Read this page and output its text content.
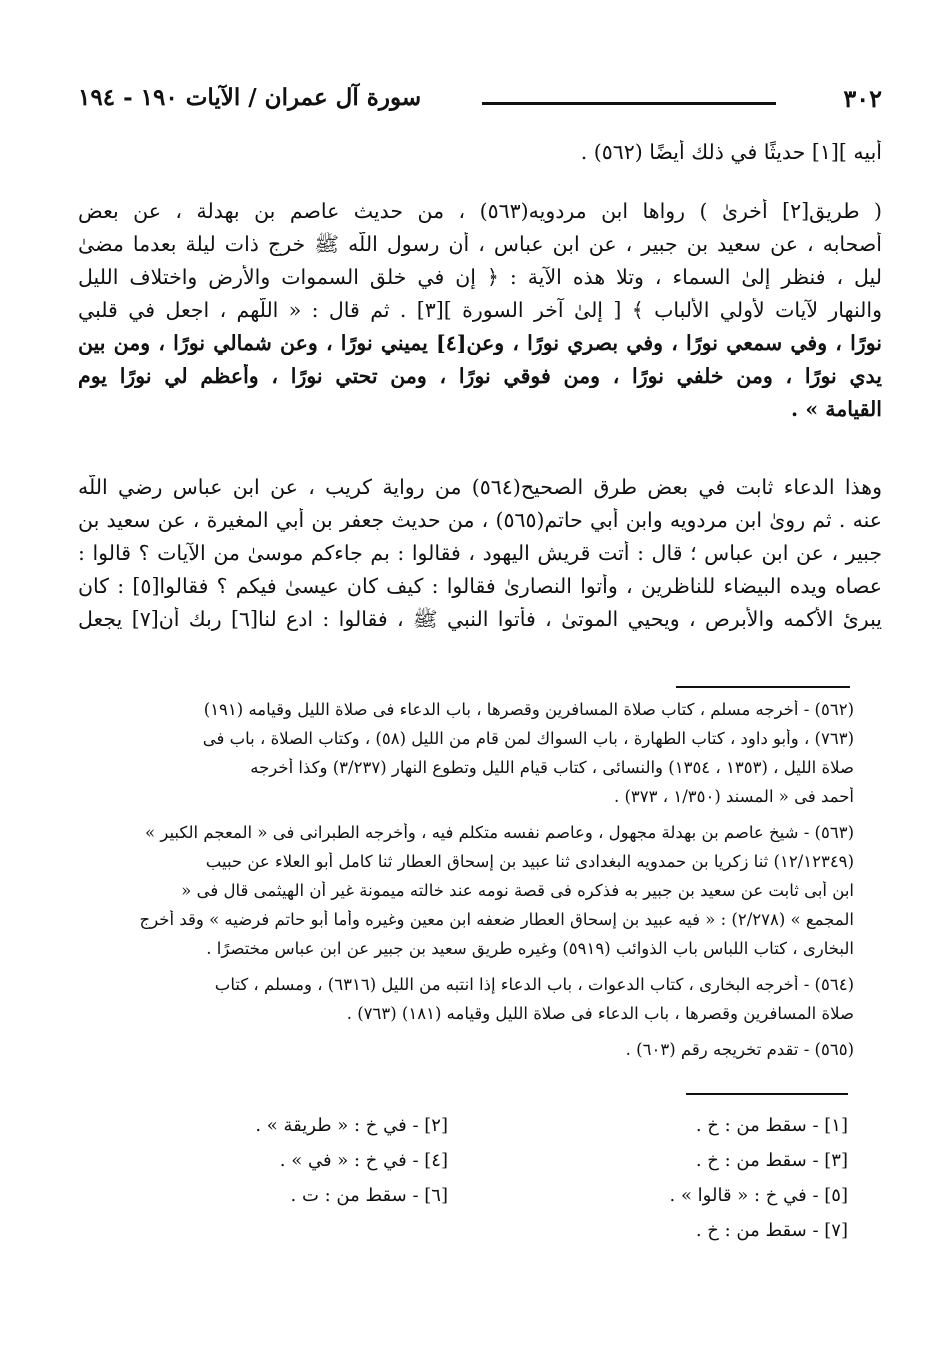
٣٠٢
سورة آل عمران / الآيات ١٩٠ - ١٩٤
أبيه ][١] حديثًا في ذلك أيضًا (٥٦٢) .
( طريق[٢] أخرىٰ ) رواها ابن مردويه(٥٦٣) ، من حديث عاصم بن بهدلة ، عن بعض
أصحابه ، عن سعيد بن جبير ، عن ابن عباس ، أن رسول اللَّه ﷺ خرج ذات ليلة بعدما مضىٰ
ليل ، فنظر إلىٰ السماء ، وتلا هذه الآية : ﴿ إن في خلق السموات والأرض واختلاف الليل
والنهار لآيات لأولي الألباب ﴾ [ إلىٰ آخر السورة ][٣] . ثم قال : « اللَّهم ، اجعل في قلبي
نورًا ، وفي سمعي نورًا ، وفي بصري نورًا ، وعن[٤] يميني نورًا ، وعن شمالي نورًا ، ومن بين
يدي نورًا ، ومن خلفي نورًا ، ومن فوقي نورًا ، ومن تحتي نورًا ، وأعظم لي نورًا يوم
القيامة » .
وهذا الدعاء ثابت في بعض طرق الصحيح(٥٦٤) من رواية كريب ، عن ابن عباس رضي اللَّه
عنه . ثم روىٰ ابن مردويه وابن أبي حاتم(٥٦٥) ، من حديث جعفر بن أبي المغيرة ، عن سعيد بن
جبير ، عن ابن عباس ؛ قال : أتت قريش اليهود ، فقالوا : بم جاءكم موسىٰ من الآيات ؟ قالوا :
عصاه ويده البيضاء للناظرين ، وأتوا النصارىٰ فقالوا : كيف كان عيسىٰ فيكم ؟ فقالوا[٥] : كان
يبرئ الأكمه والأبرص ، ويحيي الموتىٰ ، فأتوا النبي ﷺ ، فقالوا : ادع لنا[٦] ربك أن[٧] يجعل
(٥٦٢) - أخرجه مسلم ، كتاب صلاة المسافرين وقصرها ، باب الدعاء فى صلاة الليل وقيامه (١٩١)
(٧٦٣) ، وأبو داود ، كتاب الطهارة ، باب السواك لمن قام من الليل (٥٨) ، وكتاب الصلاة ، باب فى
صلاة الليل ، (١٣٥٣ ، ١٣٥٤) والنسائى ، كتاب قيام الليل وتطوع النهار (٣/٢٣٧) وكذا أخرجه
أحمد فى « المسند (١/٣٥٠ ، ٣٧٣) .
(٥٦٣) - شيخ عاصم بن بهدلة مجهول ، وعاصم نفسه متكلم فيه ، وأخرجه الطبرانى فى « المعجم الكبير »
(١٢/١٢٣٤٩) ثنا زكريا بن حمدويه البغدادى ثنا عبيد بن إسحاق العطار ثنا كامل أبو العلاء عن حبيب
ابن أبى ثابت عن سعيد بن جبير به فذكره فى قصة نومه عند خالته ميمونة غير أن الهيثمى قال فى «
المجمع » (٢/٢٧٨) : « فيه عبيد بن إسحاق العطار ضعفه ابن معين وغيره وأما أبو حاتم فرضيه » وقد أخرج
البخارى ، كتاب اللباس باب الذوائب (٥٩١٩) وغيره طريق سعيد بن جبير عن ابن عباس مختصرًا .
(٥٦٤) - أخرجه البخارى ، كتاب الدعوات ، باب الدعاء إذا انتبه من الليل (٦٣١٦) ، ومسلم ، كتاب
صلاة المسافرين وقصرها ، باب الدعاء فى صلاة الليل وقيامه (١٨١) (٧٦٣) .
(٥٦٥) - تقدم تخريجه رقم (٦٠٣) .
[١] - سقط من : خ .
[٢] - في خ : « طريقة » .
[٣] - سقط من : خ .
[٤] - في خ : « في » .
[٥] - في خ : « قالوا » .
[٦] - سقط من : ت .
[٧] - سقط من : خ .
